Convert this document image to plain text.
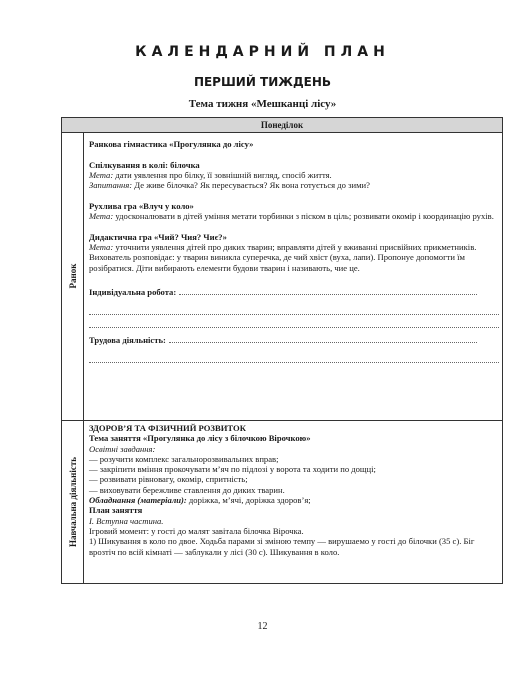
КАЛЕНДАРНИЙ ПЛАН
ПЕРШИЙ ТИЖДЕНЬ
Тема тижня «Мешканці лісу»
Понеділок
Ранок
Навчальна діяльність

Ранкова гімнастика «Прогулянка до лісу»

Спілкування в колі: білочка

Мета: дати уявлення про білку, її зовнішній вигляд, спосіб життя.

Запитання: Де живе білочка? Як пересувається? Як вона готується до зими?

Рухлива гра «Влуч у коло»

Мета: удосконалювати в дітей уміння метати торбинки з піском в ціль; розвивати окомір і координацію рухів.

Дидактична гра «Чий? Чия? Чиє?»

Мета: уточнити уявлення дітей про диких тварин; вправляти дітей у вживанні присвійних прикметників.

Вихователь розповідає: у тварин виникла суперечка, де чий хвіст (вуха, лапи). Пропонуе допомогти їм розібратися. Діти вибирають елементи будови тварин і називають, чие це.

Індивідуальна робота:

Трудова діяльність:

ЗДОРОВ’Я ТА ФІЗИЧНИЙ РОЗВИТОК

Тема заняття «Прогулянка до лісу з білочкою Вірочкою»

Освітні завдання:

— розучити комплекс загальнорозвивальних вправ;

— закріпити вміння прокочувати м’яч по підлозі у ворота та ходити по дощці;

— розвивати рівновагу, окомір, спритність;

— виховувати бережливе ставлення до диких тварин.

Обладнання (матеріали): доріжка, м’ячі, доріжка здоров’я;

План заняття

I. Вступна частина.

Ігровий момент: у гості до малят завітала білочка Вірочка.

1) Шикування в коло по двое. Ходьба парами зі зміною темпу — вирушаемо у гості до білочки (35 с). Біг врозтіч по всій кімнаті — заблукали у лісі (30 с). Шикування в коло.

12
